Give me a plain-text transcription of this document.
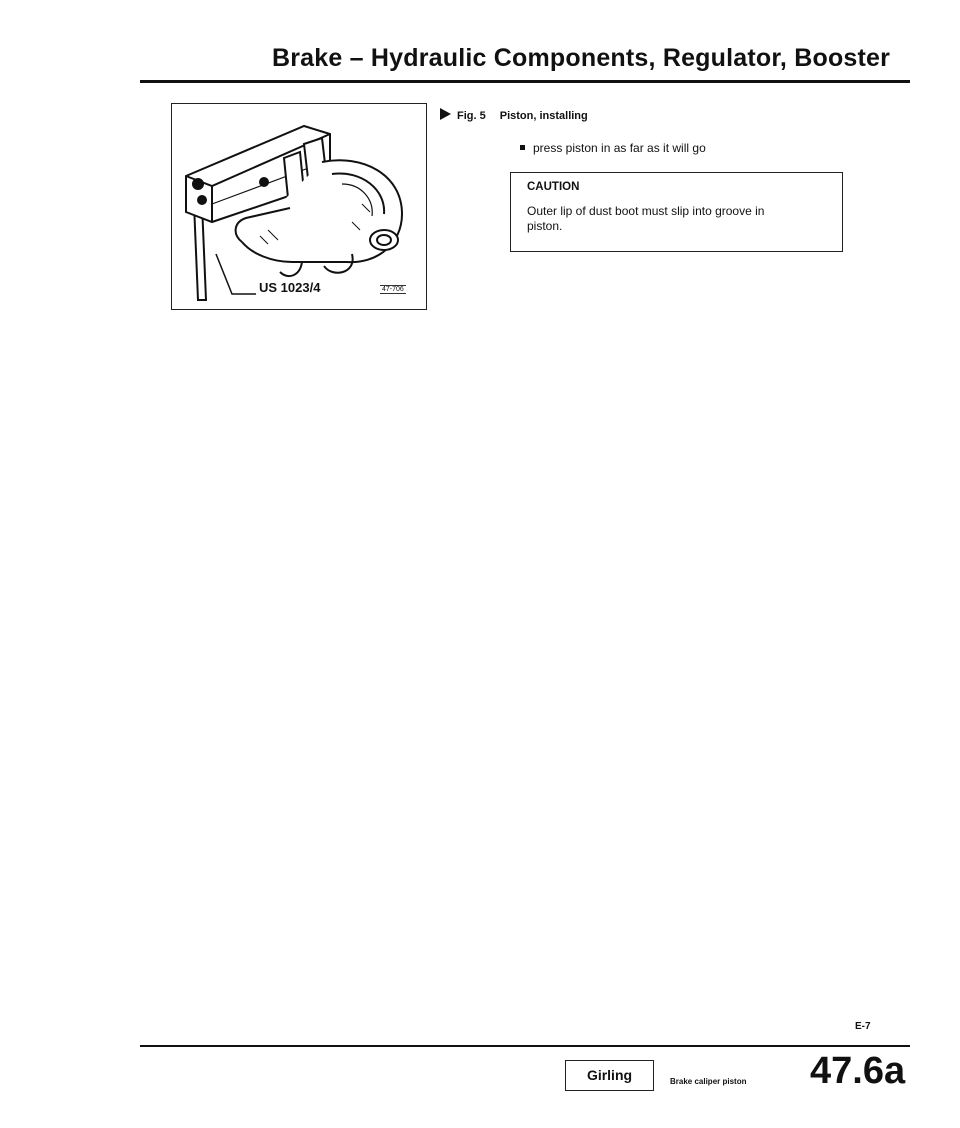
Brake – Hydraulic Components, Regulator, Booster
US 1023/4	47-706
Fig. 5 Piston, installing
press piston in as far as it will go
CAUTION
Outer lip of dust boot must slip into groove in piston.
E-7
Girling	Brake caliper piston 47.6a
